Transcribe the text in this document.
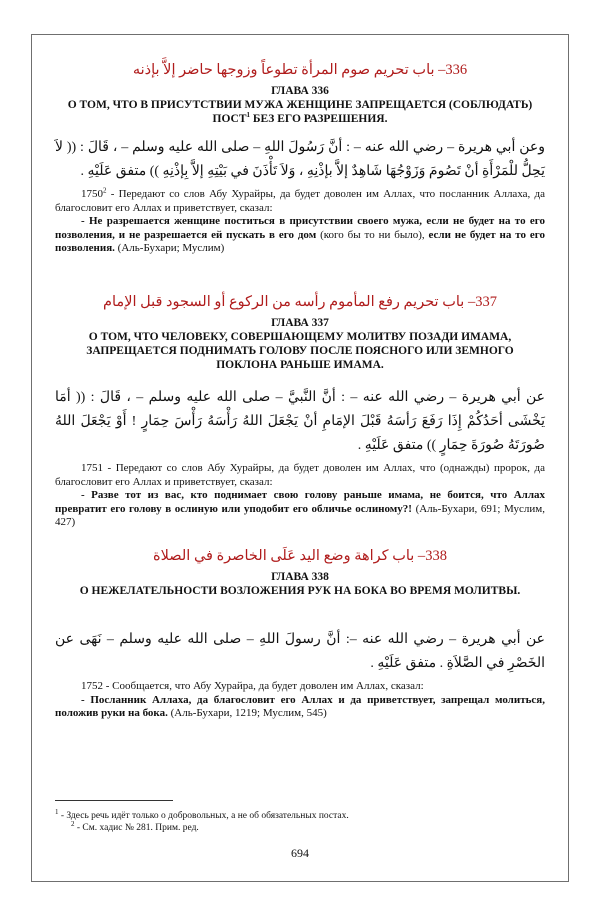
336– باب تحريم صوم المرأة تطوعاً وزوجها حاضر إلاَّ بإذنه
ГЛАВА 336
О ТОМ, ЧТО В ПРИСУТСТВИИ МУЖА ЖЕНЩИНЕ ЗАПРЕЩАЕТСЯ (СОБЛЮДАТЬ) ПОСТ$^1$ БЕЗ ЕГО РАЗРЕШЕНИЯ.
وعن أبي هريرة – رضي الله عنه – : أنَّ رَسُولَ اللهِ – صلى الله عليه وسلم – ، قَالَ : (( لاَ يَحِلُّ للْمَرْأَةِ أنْ تَصُومَ وَزَوْجُهَا شَاهِدٌ إلاَّ بإذْنِهِ ، وَلاَ تَأْذَنَ في بَيْتِهِ إلاَّ بِإذْنِهِ )) متفق عَلَيْهِ .
1750$^2$ - Передают со слов Абу Хурайры, да будет доволен им Аллах, что посланник Аллаха, да благословит его Аллах и приветствует, сказал:
- Не разрешается женщине поститься в присутствии своего мужа, если не будет на то его позволения, и не разрешается ей пускать в его дом (кого бы то ни было), если не будет на то его позволения. (Аль-Бухари; Муслим)
337– باب تحريم رفع المأموم رأسه من الركوع أو السجود قبل الإمام
ГЛАВА 337
О ТОМ, ЧТО ЧЕЛОВЕКУ, СОВЕРШАЮЩЕМУ МОЛИТВУ ПОЗАДИ ИМАМА, ЗАПРЕЩАЕТСЯ ПОДНИМАТЬ ГОЛОВУ ПОСЛЕ ПОЯСНОГО ИЛИ ЗЕМНОГО ПОКЛОНА РАНЬШЕ ИМАМА.
عن أبي هريرة – رضي الله عنه – : أنَّ النَّبيَّ – صلى الله عليه وسلم – ، قَالَ : (( أمَا يَخْشَى أحَدُكُمْ إِذَا رَفَعَ رَأسَهُ قَبْلَ الإمَامِ أنْ يَجْعَلَ اللهُ رَأْسَهُ رَأْسَ حِمَارٍ ! أَوْ يَجْعَلَ اللهُ صُورَتَهُ صُورَةَ حِمَارٍ )) متفق عَلَيْهِ .
1751 - Передают со слов Абу Хурайры, да будет доволен им Аллах, что (однажды) пророк, да благословит его Аллах и приветствует, сказал:
- Разве тот из вас, кто поднимает свою голову раньше имама, не боится, что Аллах превратит его голову в ослиную или уподобит его обличье ослиному?! (Аль-Бухари, 691; Муслим, 427)
338– باب كراهة وضع اليد عَلَى الخاصرة في الصلاة
ГЛАВА 338
О НЕЖЕЛАТЕЛЬНОСТИ ВОЗЛОЖЕНИЯ РУК НА БОКА ВО ВРЕМЯ МОЛИТВЫ.
عن أبي هريرة – رضي الله عنه –: أنَّ رسولَ اللهِ – صلى الله عليه وسلم – نَهَى عن الخَصْرِ في الصَّلاَةِ . متفق عَلَيْهِ .
1752 - Сообщается, что Абу Хурайра, да будет доволен им Аллах, сказал:
- Посланник Аллаха, да благословит его Аллах и да приветствует, запрещал молиться, положив руки на бока. (Аль-Бухари, 1219; Муслим, 545)
$^1$ - Здесь речь идёт только о добровольных, а не об обязательных постах.
$^2$ - См. хадис № 281. Прим. ред.
694
